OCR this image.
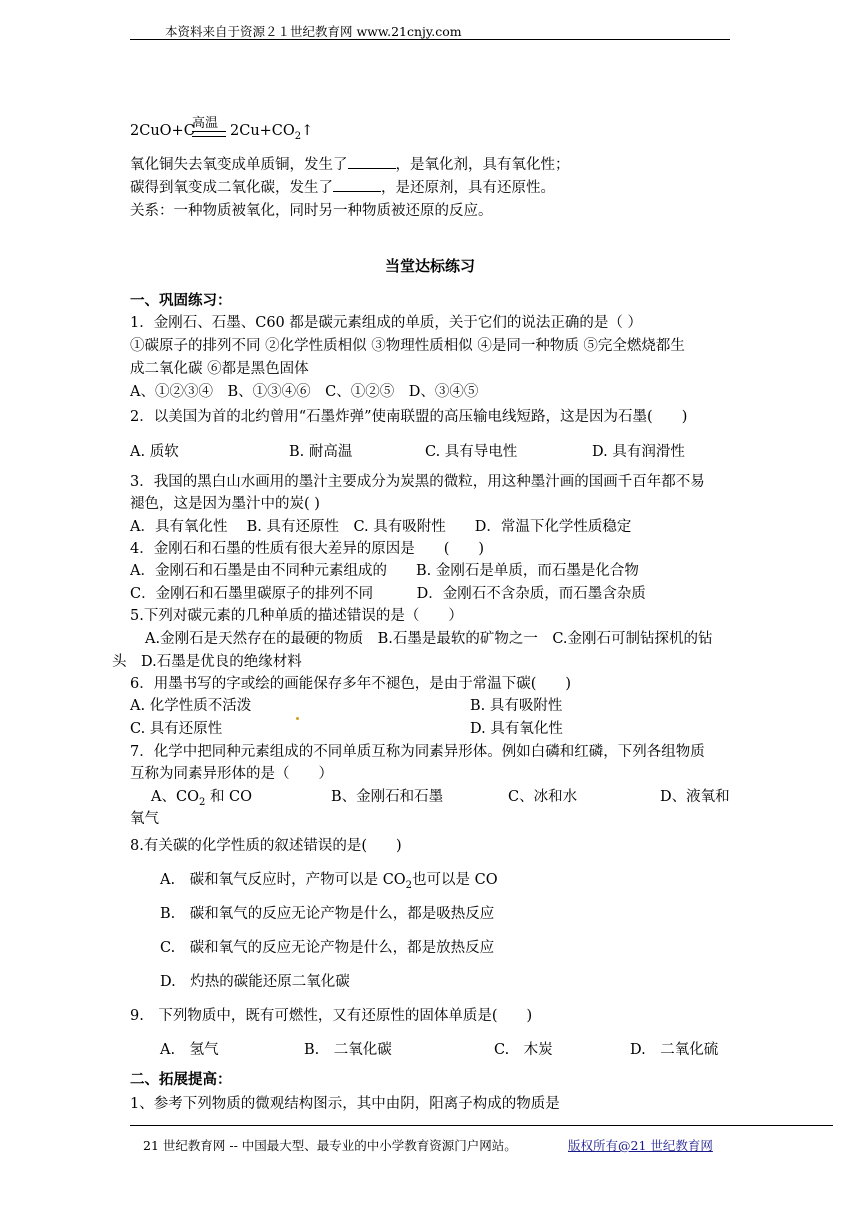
本资料来自于资源２１世纪教育网 www.21cnjy.com
高温
2CuO+C $2Cu+CO_2↑$
氧化铜失去氧变成单质铜，发生了	，是氧化剂，具有氧化性；
碳得到氧变成二氧化碳，发生了	，是还原剂，具有还原性。
关系：一种物质被氧化，同时另一种物质被还原的反应。
当堂达标练习
一、巩固练习：
1．金刚石、石墨、C60 都是碳元素组成的单质，关于它们的说法正确的是（ ）
①碳原子的排列不同 ②化学性质相似 ③物理性质相似 ④是同一种物质 ⑤完全燃烧都生
成二氧化碳 ⑥都是黑色固体
A、①②③④　B、①③④⑥　C、①②⑤　D、③④⑤
2．以美国为首的北约曾用“石墨炸弹”使南联盟的高压输电线短路，这是因为石墨(　　)
A. 质软	B. 耐高温	C. 具有导电性	D. 具有润滑性
3．我国的黑白山水画用的墨汁主要成分为炭黑的微粒，用这种墨汁画的国画千百年都不易
褪色，这是因为墨汁中的炭( )
A．具有氧化性　 B. 具有还原性　C. 具有吸附性　　D．常温下化学性质稳定
4．金刚石和石墨的性质有很大差异的原因是　　(　　)
A．金刚石和石墨是由不同种元素组成的　　B. 金刚石是单质，而石墨是化合物
C．金刚石和石墨里碳原子的排列不同　　　D．金刚石不含杂质，而石墨含杂质
5.下列对碳元素的几种单质的描述错误的是（　　）
A.金刚石是天然存在的最硬的物质　B.石墨是最软的矿物之一　C.金刚石可制钻探机的钻
头　D.石墨是优良的绝缘材料
6．用墨书写的字或绘的画能保存多年不褪色，是由于常温下碳(　　)
A. 化学性质不活泼	B. 具有吸附性
C. 具有还原性	D. 具有氧化性
7．化学中把同种元素组成的不同单质互称为同素异形体。例如白磷和红磷，下列各组物质
互称为同素异形体的是（　　）
A、$CO_2$ 和 CO	B、金刚石和石墨	C、冰和水	D、液氧和
氧气
8.有关碳的化学性质的叙述错误的是(　　)
A.　碳和氧气反应时，产物可以是 $CO_2$也可以是 CO
B.　碳和氧气的反应无论产物是什么，都是吸热反应
C.　碳和氧气的反应无论产物是什么，都是放热反应
D.　灼热的碳能还原二氧化碳
9.　下列物质中，既有可燃性，又有还原性的固体单质是(　　)
A.　氢气	B.　二氧化碳	C.　木炭	D.　二氧化硫
二、拓展提高：
1、参考下列物质的微观结构图示，其中由阴，阳离子构成的物质是
21 世纪教育网 -- 中国最大型、最专业的中小学教育资源门户网站。	版权所有@21 世纪教育网
